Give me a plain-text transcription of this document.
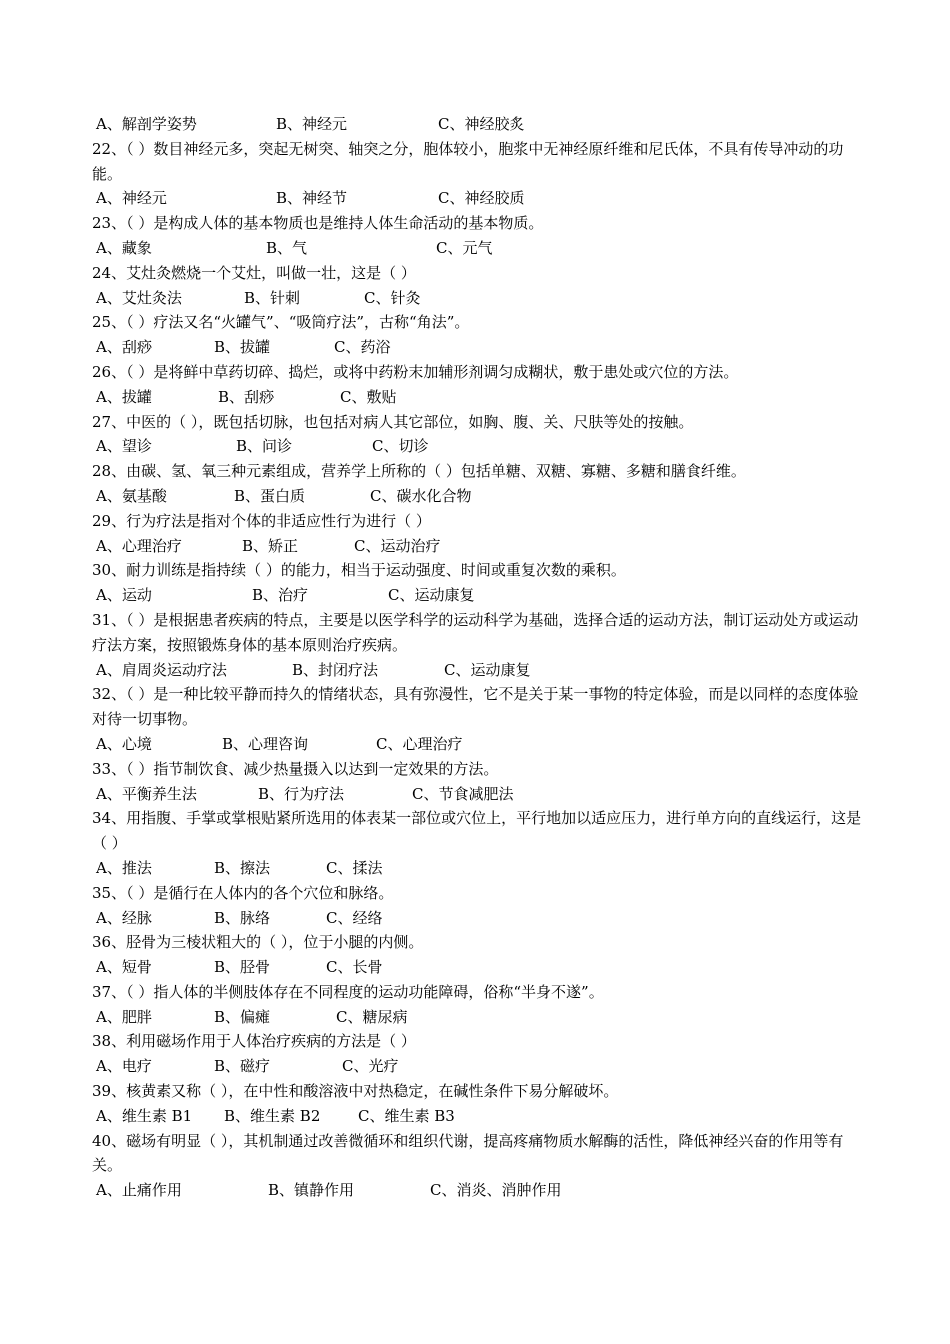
A、解剖学姿势	B、神经元	C、神经胶炙

22、（ ）数目神经元多，突起无树突、轴突之分，胞体较小，胞浆中无神经原纤维和尼氏体，不具有传导冲动的功能。

A、神经元	B、神经节	C、神经胶质

23、（ ）是构成人体的基本物质也是维持人体生命活动的基本物质。

A、藏象	B、气	C、元气

24、艾灶灸燃烧一个艾灶，叫做一壮，这是（ ）

A、艾灶灸法	B、针刺	C、针灸

25、（ ）疗法又名“火罐气”、“吸筒疗法”，古称“角法”。

A、刮痧	B、拔罐	C、药浴

26、（ ）是将鲜中草药切碎、捣烂，或将中药粉末加辅形剂调匀成糊状，敷于患处或穴位的方法。

A、拔罐	B、刮痧	C、敷贴

27、中医的（ ），既包括切脉，也包括对病人其它部位，如胸、腹、关、尺肤等处的按触。

A、望诊	B、问诊	C、切诊

28、由碳、氢、氧三种元素组成，营养学上所称的（ ）包括单糖、双糖、寡糖、多糖和膳食纤维。

A、氨基酸	B、蛋白质	C、碳水化合物

29、行为疗法是指对个体的非适应性行为进行（ ）

A、心理治疗	B、矫正	C、运动治疗

30、耐力训练是指持续（ ）的能力，相当于运动强度、时间或重复次数的乘积。

A、运动	B、治疗	C、运动康复

31、（ ）是根据患者疾病的特点，主要是以医学科学的运动科学为基础，选择合适的运动方法，制订运动处方或运动疗法方案，按照锻炼身体的基本原则治疗疾病。

A、肩周炎运动疗法	B、封闭疗法	C、运动康复

32、（ ）是一种比较平静而持久的情绪状态，具有弥漫性，它不是关于某一事物的特定体验，而是以同样的态度体验对待一切事物。

A、心境	B、心理咨询	C、心理治疗

33、（ ）指节制饮食、减少热量摄入以达到一定效果的方法。

A、平衡养生法	B、行为疗法	C、节食减肥法

34、用指腹、手掌或掌根贴紧所选用的体表某一部位或穴位上，平行地加以适应压力，进行单方向的直线运行，这是（ ）

A、推法	B、擦法	C、揉法

35、（ ）是循行在人体内的各个穴位和脉络。

A、经脉	B、脉络	C、经络

36、胫骨为三棱状粗大的（ ），位于小腿的内侧。

A、短骨	B、胫骨	C、长骨

37、（ ）指人体的半侧肢体存在不同程度的运动功能障碍，俗称“半身不遂”。

A、肥胖	B、偏瘫	C、糖尿病

38、利用磁场作用于人体治疗疾病的方法是（ ）

A、电疗	B、磁疗	C、光疗

39、核黄素又称（ ），在中性和酸溶液中对热稳定，在碱性条件下易分解破坏。

A、维生素 B1	B、维生素 B2	C、维生素 B3

40、磁场有明显（ ），其机制通过改善微循环和组织代谢，提高疼痛物质水解酶的活性，降低神经兴奋的作用等有关。

A、止痛作用	B、镇静作用	C、消炎、消肿作用
